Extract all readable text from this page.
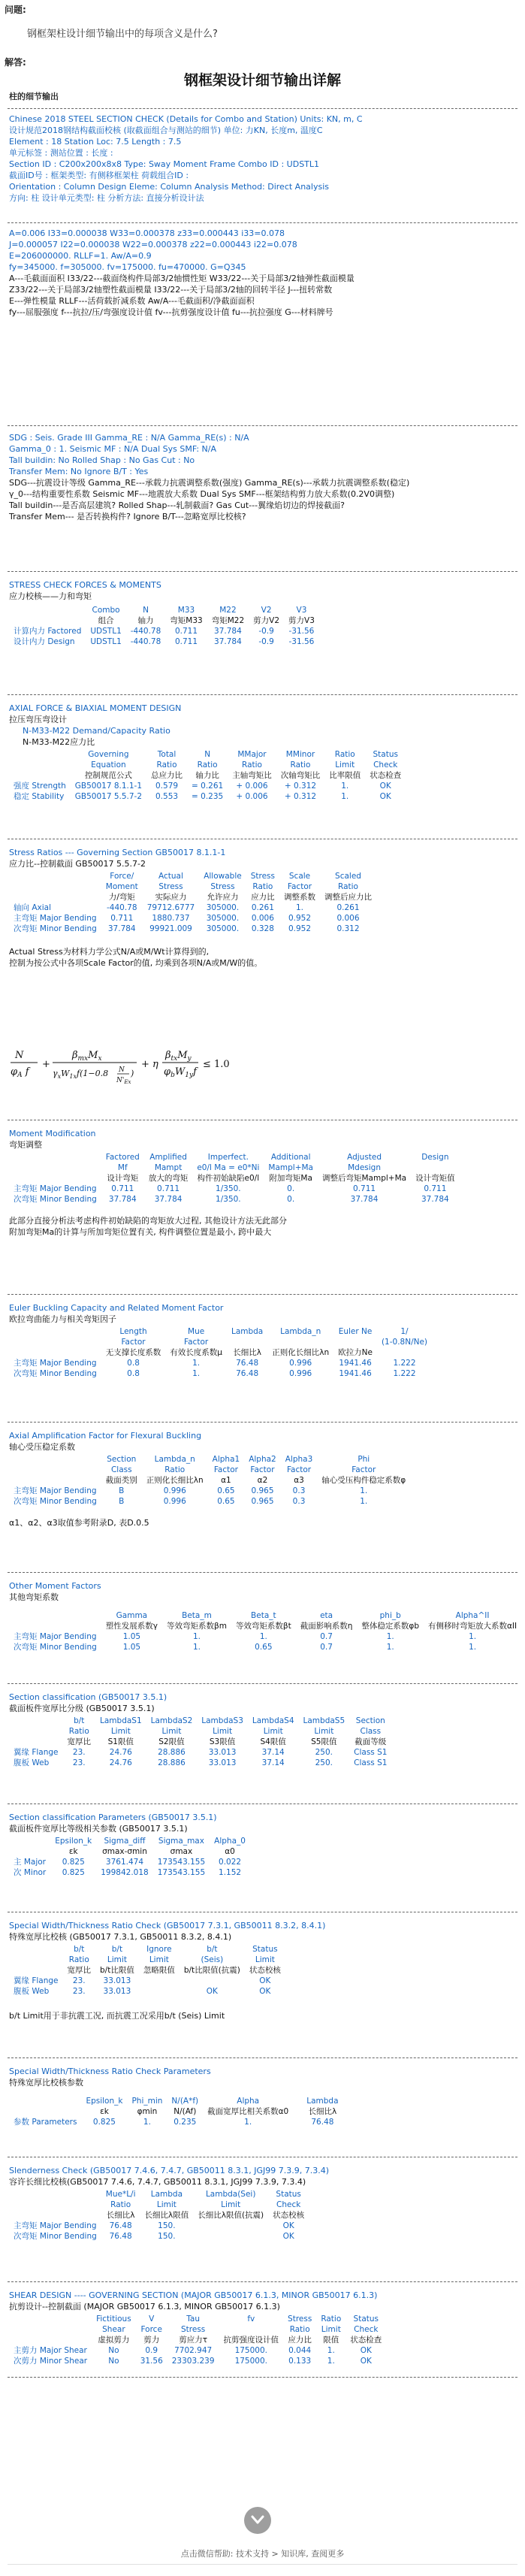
问题:
钢框架柱设计细节输出中的每项含义是什么?
解答:
钢框架设计细节输出详解
柱的细节输出
Chinese 2018 STEEL SECTION CHECK (Details for Combo and Station) Units: KN, m, C
设计规范2018钢结构截面校核 (取截面组合与测站的细节) 单位: 力KN, 长度m, 温度C
Element : 18 Station Loc: 7.5 Length : 7.5
单元标签 : 测站位置 : 长度 :
Section ID : C200x200x8x8 Type: Sway Moment Frame Combo ID : UDSTL1
截面ID号 : 框架类型: 有侧移框架柱 荷载组合ID :
Orientation : Column Design Eleme: Column Analysis Method: Direct Analysis
方向: 柱 设计单元类型: 柱 分析方法: 直接分析设计法
A=0.006 I33=0.000038 W33=0.000378 z33=0.000443 i33=0.078
J=0.000057 I22=0.000038 W22=0.000378 z22=0.000443 i22=0.078
E=206000000. RLLF=1. Aw/A=0.9
fy=345000. f=305000. fv=175000. fu=470000. G=Q345
A---毛截面面积 I33/22---截面绕构件局部3/2轴惯性矩 W33/22---关于局部3/2轴弹性截面模量
Z33/22---关于局部3/2轴塑性截面模量 I33/22---关于局部3/2轴的回转半径 J---扭转常数
E---弹性模量 RLLF---活荷载折减系数 Aw/A---毛截面积/净截面面积
fy---屈服强度 f---抗拉/压/弯强度设计值 fv---抗剪强度设计值 fu---抗拉强度 G---材料牌号
SDG : Seis. Grade III Gamma_RE : N/A Gamma_RE(s) : N/A
Gamma_0 : 1. Seismic MF : N/A Dual Sys SMF: N/A
Tall buildin: No Rolled Shap : No Gas Cut : No
Transfer Mem: No Ignore B/T : Yes
SDG---抗震设计等级 Gamma_RE---承载力抗震调整系数(强度) Gamma_RE(s)---承载力抗震调整系数(稳定)
γ_0---结构重要性系数 Seismic MF---地震放大系数 Dual Sys SMF---框架结构剪力放大系数(0.2V0调整)
Tall buildin---是否高层建筑? Rolled Shap---轧制截面? Gas Cut---翼缘焰切边的焊接截面?
Transfer Mem--- 是否转换构件? Ignore B/T---忽略宽厚比校核?
STRESS CHECK FORCES & MOMENTS
应力校核——力和弯矩
	Combo	N	M33	M22	V2	V3
	组合	轴力	弯矩M33	弯矩M22	剪力V2	剪力V3
计算内力 Factored	UDSTL1	-440.78	0.711	37.784	-0.9	-31.56
设计内力 Design	UDSTL1	-440.78	0.711	37.784	-0.9	-31.56
AXIAL FORCE & BIAXIAL MOMENT DESIGN
拉压弯压弯设计
N-M33-M22 Demand/Capacity Ratio
N-M33-M22应力比
	Governing	Total	N	MMajor	MMinor	Ratio	Status
	Equation	Ratio	Ratio	Ratio	Ratio	Limit	Check
	控制规范公式	总应力比	轴力比	主轴弯矩比	次轴弯矩比	比率限值	状态检查
强度 Strength	GB50017 8.1.1-1	0.579	= 0.261	+ 0.006	+ 0.312	1.	OK
稳定 Stability	GB50017 5.5.7-2	0.553	= 0.235	+ 0.006	+ 0.312	1.	OK
Stress Ratios --- Governing Section GB50017 8.1.1-1
应力比--控制截面 GB50017 5.5.7-2
	Force/	Actual	Allowable	Stress	Scale	Scaled
	Moment	Stress	Stress	Ratio	Factor	Ratio
	力/弯矩	实际应力	允许应力	应力比	调整系数	调整后应力比
轴向 Axial	-440.78	79712.6777	305000.	0.261	1.	0.261
主弯矩 Major Bending	0.711	1880.737	305000.	0.006	0.952	0.006
次弯矩 Minor Bending	37.784	99921.009	305000.	0.328	0.952	0.312
Actual Stress为材料力学公式N/A或M/Wt计算得到的,
控制为按公式中各项Scale Factor的值, 均乘到各项N/A或M/W的值。
N
$\varphi_A$ f
+
$\beta_{mx}M_x$
$\gamma_xW_{1x}f(1-0.8$ N
$N'_{Ex}$
)
+ η
$\beta_{tx}M_y$
$\varphi_bW_{1y}f$
≤ 1.0
Moment Modification
弯矩调整
	Factored	Amplified	Imperfect.	Additional	Adjusted	Design
	Mf	Mampt	e0/l Ma = e0*Ni	Mampl+Ma	Mdesign	
	设计弯矩	放大的弯矩	构件初始缺陷e0/l	附加弯矩Ma	调整后弯矩Mampl+Ma	设计弯矩值
主弯矩 Major Bending	0.711	0.711	1/350.	0.	0.711	0.711
次弯矩 Minor Bending	37.784	37.784	1/350.	0.	37.784	37.784
此部分直接分析法考虑构件初始缺陷的弯矩放大过程, 其他设计方法无此部分
附加弯矩Ma的计算与所加弯矩位置有关, 构件调整位置是最小, 跨中最大
Euler Buckling Capacity and Related Moment Factor
欧拉弯曲能力与相关弯矩因子
	Length	Mue	Lambda	Lambda_n	Euler Ne	1/
	Factor	Factor				(1-0.8N/Ne)
	无支撑长度系数	有效长度系数μ	长细比λ	正则化长细比λn	欧拉力Ne	
主弯矩 Major Bending	0.8	1.	76.48	0.996	1941.46	1.222
次弯矩 Minor Bending	0.8	1.	76.48	0.996	1941.46	1.222
Axial Amplification Factor for Flexural Buckling
轴心受压稳定系数
	Section	Lambda_n	Alpha1	Alpha2	Alpha3	Phi
	Class	Ratio	Factor	Factor	Factor	Factor
	截面类别	正则化长细比λn	α1	α2	α3	轴心受压构件稳定系数φ
主弯矩 Major Bending	B	0.996	0.65	0.965	0.3	1.
次弯矩 Minor Bending	B	0.996	0.65	0.965	0.3	1.
α1、α2、α3取值参考附录D, 表D.0.5
Other Moment Factors
其他弯矩系数
	Gamma	Beta_m	Beta_t	eta	phi_b	Alpha^II
	塑性发展系数γ	等效弯矩系数βm	等效弯矩系数βt	截面影响系数η	整体稳定系数φb	有侧移时弯矩放大系数αII
主弯矩 Major Bending	1.05	1.	1.	0.7	1.	1.
次弯矩 Minor Bending	1.05	1.	0.65	0.7	1.	1.
Section classification (GB50017 3.5.1)
截面板件宽厚比分级 (GB50017 3.5.1)
	b/t	LambdaS1	LambdaS2	LambdaS3	LambdaS4	LambdaS5	Section
	Ratio	Limit	Limit	Limit	Limit	Limit	Class
	宽厚比	S1限值	S2限值	S3限值	S4限值	S5限值	截面等级
翼缘 Flange	23.	24.76	28.886	33.013	37.14	250.	Class S1
腹板 Web	23.	24.76	28.886	33.013	37.14	250.	Class S1
Section classification Parameters (GB50017 3.5.1)
截面板件宽厚比等级相关参数 (GB50017 3.5.1)
	Epsilon_k	Sigma_diff	Sigma_max	Alpha_0
	εk	σmax-σmin	σmax	α0
主 Major	0.825	3761.474	173543.155	0.022
次 Minor	0.825	199842.018	173543.155	1.152
Special Width/Thickness Ratio Check (GB50017 7.3.1, GB50011 8.3.2, 8.4.1)
特殊宽厚比校核 (GB50017 7.3.1, GB50011 8.3.2, 8.4.1)
	b/t	b/t	Ignore	b/t	Status
	Ratio	Limit	Limit	(Seis)	Limit
	宽厚比	b/t比限值	忽略限值	b/t比限值(抗震)	状态校核
翼缘 Flange	23.	33.013			OK
腹板 Web	23.	33.013		OK	OK
b/t Limit用于非抗震工况, 而抗震工况采用b/t (Seis) Limit
Special Width/Thickness Ratio Check Parameters
特殊宽厚比校核参数
	Epsilon_k	Phi_min	N/(A*f)	Alpha		Lambda
	εk	φmin	N/(Af)	截面宽厚比相关系数α0		长细比λ
参数 Parameters	0.825	1.	0.235	1.		76.48
Slenderness Check (GB50017 7.4.6, 7.4.7, GB50011 8.3.1, JGJ99 7.3.9, 7.3.4)
容许长细比校核(GB50017 7.4.6, 7.4.7, GB50011 8.3.1, JGJ99 7.3.9, 7.3.4)
	Mue*L/i	Lambda	Lambda(Sei)	Status
	Ratio	Limit	Limit	Check
	长细比λ	长细比λ限值	长细比λ限值(抗震)	状态校核
主弯矩 Major Bending	76.48	150.		OK
次弯矩 Minor Bending	76.48	150.		OK
SHEAR DESIGN ---- GOVERNING SECTION (MAJOR GB50017 6.1.3, MINOR GB50017 6.1.3)
抗剪设计--控制截面 (MAJOR GB50017 6.1.3, MINOR GB50017 6.1.3)
	Fictitious	V	Tau	fv	Stress	Ratio	Status
	Shear	Force	Stress		Ratio	Limit	Check
	虚拟剪力	剪力	剪应力τ	抗剪强度设计值	应力比	限值	状态检查
主剪力 Major Shear	No	0.9	7702.947	175000.	0.044	1.	OK
次剪力 Minor Shear	No	31.56	23303.239	175000.	0.133	1.	OK
点击微信帮助: 技术支持 > 知识库, 查阅更多
